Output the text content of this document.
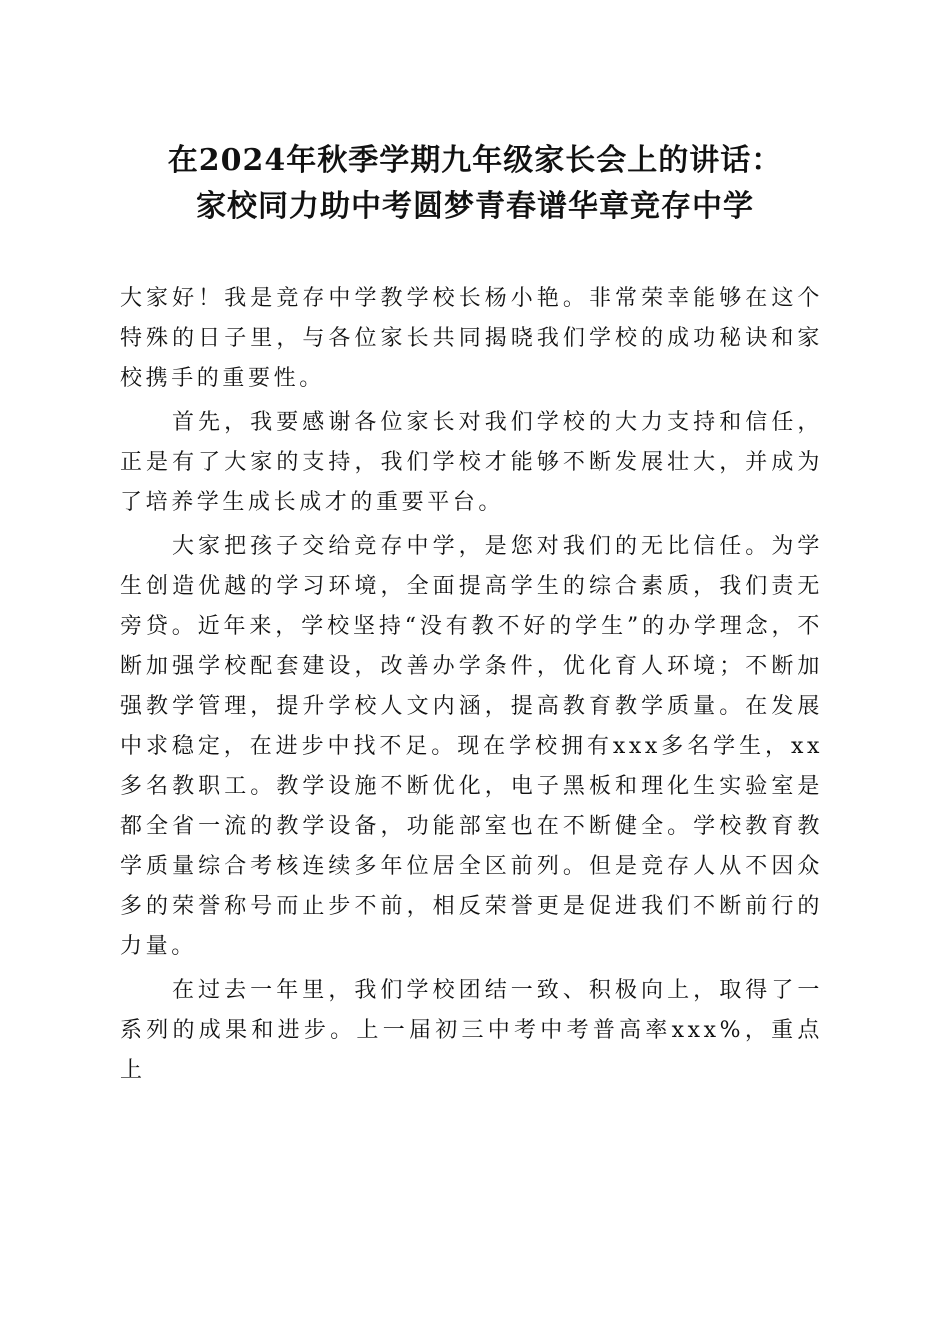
在2024年秋季学期九年级家长会上的讲话：
家校同力助中考圆梦青春谱华章竞存中学

大家好！我是竞存中学教学校长杨小艳。非常荣幸能够在这个特殊的日子里，与各位家长共同揭晓我们学校的成功秘诀和家校携手的重要性。

首先，我要感谢各位家长对我们学校的大力支持和信任，正是有了大家的支持，我们学校才能够不断发展壮大，并成为了培养学生成长成才的重要平台。

大家把孩子交给竞存中学，是您对我们的无比信任。为学生创造优越的学习环境，全面提高学生的综合素质，我们责无旁贷。近年来，学校坚持“没有教不好的学生”的办学理念，不断加强学校配套建设，改善办学条件，优化育人环境；不断加强教学管理，提升学校人文内涵，提高教育教学质量。在发展中求稳定，在进步中找不足。现在学校拥有xxx多名学生，xx多名教职工。教学设施不断优化，电子黑板和理化生实验室是都全省一流的教学设备，功能部室也在不断健全。学校教育教学质量综合考核连续多年位居全区前列。但是竞存人从不因众多的荣誉称号而止步不前，相反荣誉更是促进我们不断前行的力量。

在过去一年里，我们学校团结一致、积极向上，取得了一系列的成果和进步。上一届初三中考中考普高率xxx%，重点上
